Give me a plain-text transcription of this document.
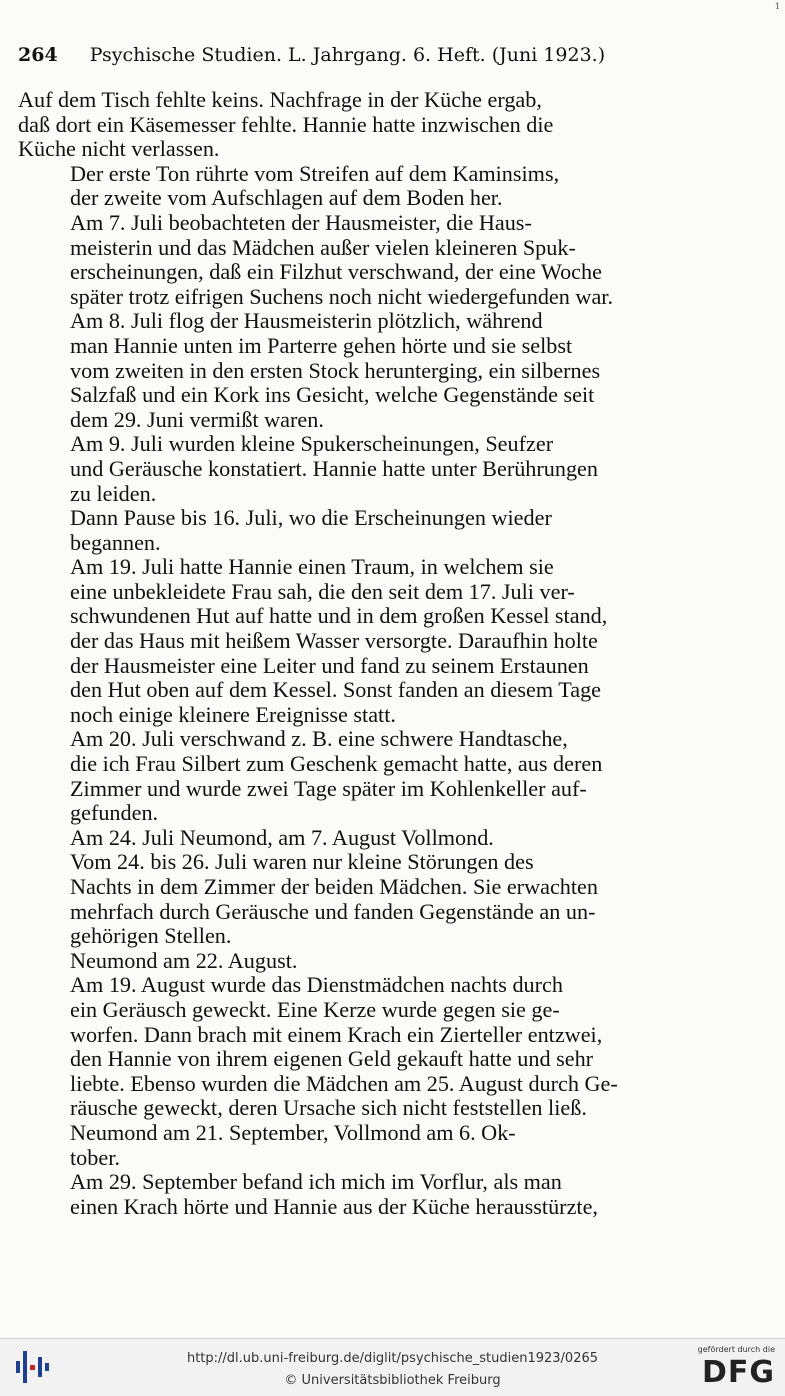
1
264 Psychische Studien. L. Jahrgang. 6. Heft. (Juni 1923.)

Auf dem Tisch fehlte keins. Nachfrage in der Küche ergab,
daß dort ein Käsemesser fehlte. Hannie hatte inzwischen die
Küche nicht verlassen.

Der erste Ton rührte vom Streifen auf dem Kaminsims,
der zweite vom Aufschlagen auf dem Boden her.

Am 7. Juli beobachteten der Hausmeister, die Haus-
meisterin und das Mädchen außer vielen kleineren Spuk-
erscheinungen, daß ein Filzhut verschwand, der eine Woche
später trotz eifrigen Suchens noch nicht wiedergefunden war.

Am 8. Juli flog der Hausmeisterin plötzlich, während
man Hannie unten im Parterre gehen hörte und sie selbst
vom zweiten in den ersten Stock herunterging, ein silbernes
Salzfaß und ein Kork ins Gesicht, welche Gegenstände seit
dem 29. Juni vermißt waren.

Am 9. Juli wurden kleine Spukerscheinungen, Seufzer
und Geräusche konstatiert. Hannie hatte unter Berührungen
zu leiden.

Dann Pause bis 16. Juli, wo die Erscheinungen wieder
begannen.

Am 19. Juli hatte Hannie einen Traum, in welchem sie
eine unbekleidete Frau sah, die den seit dem 17. Juli ver-
schwundenen Hut auf hatte und in dem großen Kessel stand,
der das Haus mit heißem Wasser versorgte. Daraufhin holte
der Hausmeister eine Leiter und fand zu seinem Erstaunen
den Hut oben auf dem Kessel. Sonst fanden an diesem Tage
noch einige kleinere Ereignisse statt.

Am 20. Juli verschwand z. B. eine schwere Handtasche,
die ich Frau Silbert zum Geschenk gemacht hatte, aus deren
Zimmer und wurde zwei Tage später im Kohlenkeller auf-
gefunden.

Am 24. Juli Neumond, am 7. August Vollmond.

Vom 24. bis 26. Juli waren nur kleine Störungen des
Nachts in dem Zimmer der beiden Mädchen. Sie erwachten
mehrfach durch Geräusche und fanden Gegenstände an un-
gehörigen Stellen.

Neumond am 22. August.

Am 19. August wurde das Dienstmädchen nachts durch
ein Geräusch geweckt. Eine Kerze wurde gegen sie ge-
worfen. Dann brach mit einem Krach ein Zierteller entzwei,
den Hannie von ihrem eigenen Geld gekauft hatte und sehr
liebte. Ebenso wurden die Mädchen am 25. August durch Ge-
räusche geweckt, deren Ursache sich nicht feststellen ließ.

Neumond am 21. September, Vollmond am 6. Ok-
tober.

Am 29. September befand ich mich im Vorflur, als man
einen Krach hörte und Hannie aus der Küche herausstürzte,

http://dl.ub.uni-freiburg.de/diglit/psychische_studien1923/0265
© Universitätsbibliothek Freiburg
gefördert durch die
DFG
